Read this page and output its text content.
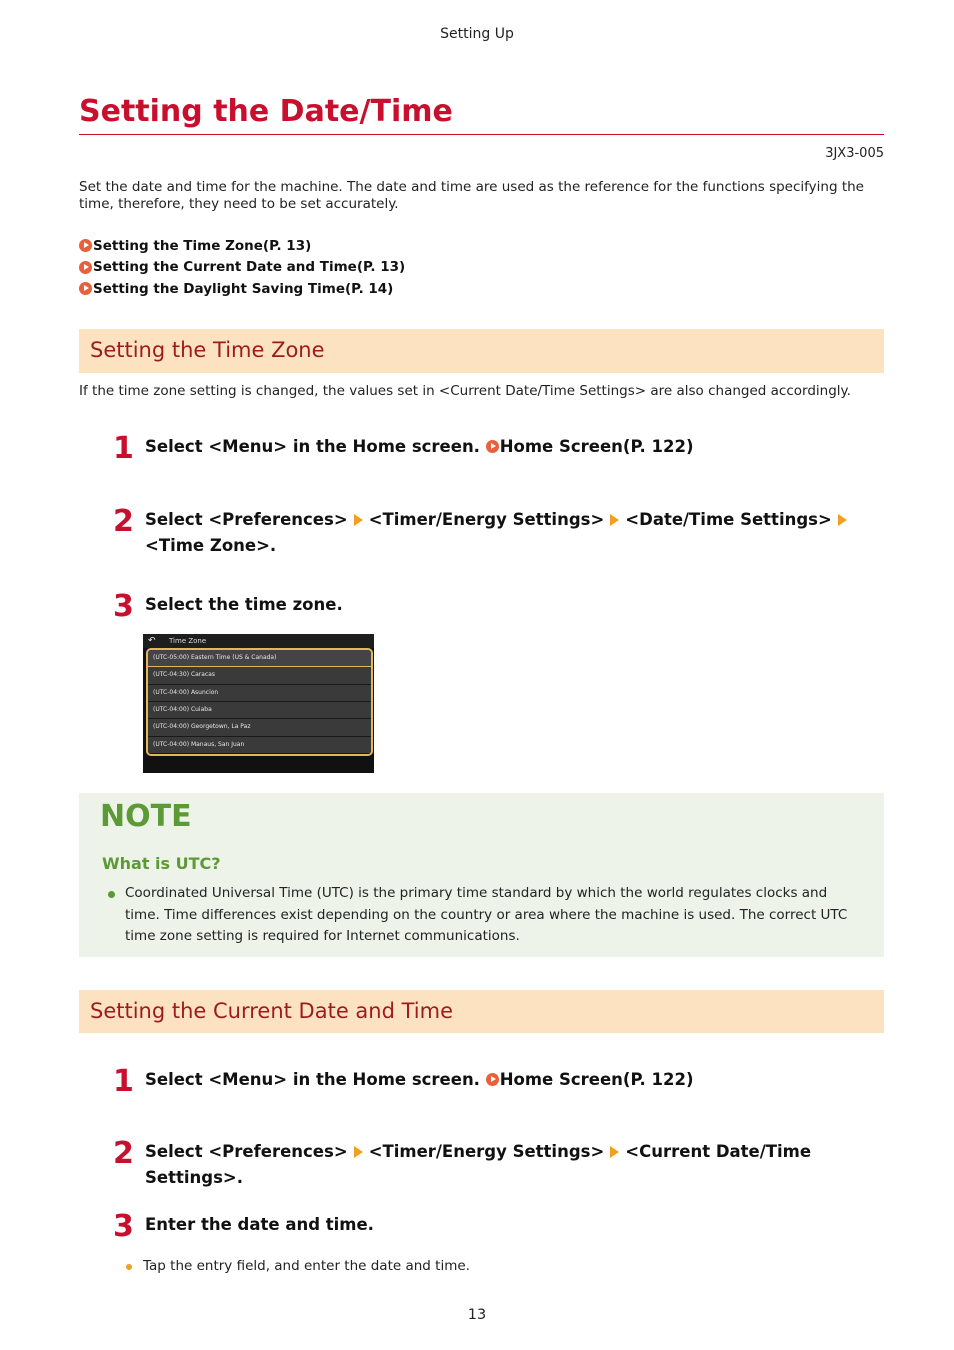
Setting Up
Setting the Date/Time
3JX3-005
Set the date and time for the machine. The date and time are used as the reference for the functions specifying the time, therefore, they need to be set accurately.
Setting the Time Zone(P. 13)
Setting the Current Date and Time(P. 13)
Setting the Daylight Saving Time(P. 14)
Setting the Time Zone
If the time zone setting is changed, the values set in <Current Date/Time Settings> are also changed accordingly.
1 Select <Menu> in the Home screen. Home Screen(P. 122)
2 Select <Preferences> <Timer/Energy Settings> <Date/Time Settings><Time Zone>.
3 Select the time zone.
↶ Time Zone
(UTC-05:00) Eastern Time (US & Canada)
(UTC-04:30) Caracas
(UTC-04:00) Asuncion
(UTC-04:00) Cuiaba
(UTC-04:00) Georgetown, La Paz
(UTC-04:00) Manaus, San Juan
NOTE
What is UTC?
Coordinated Universal Time (UTC) is the primary time standard by which the world regulates clocks and time. Time differences exist depending on the country or area where the machine is used. The correct UTC time zone setting is required for Internet communications.
Setting the Current Date and Time
1 Select <Menu> in the Home screen. Home Screen(P. 122)
2 Select <Preferences> <Timer/Energy Settings> <Current Date/Time Settings>.
3 Enter the date and time.
Tap the entry field, and enter the date and time.
13
